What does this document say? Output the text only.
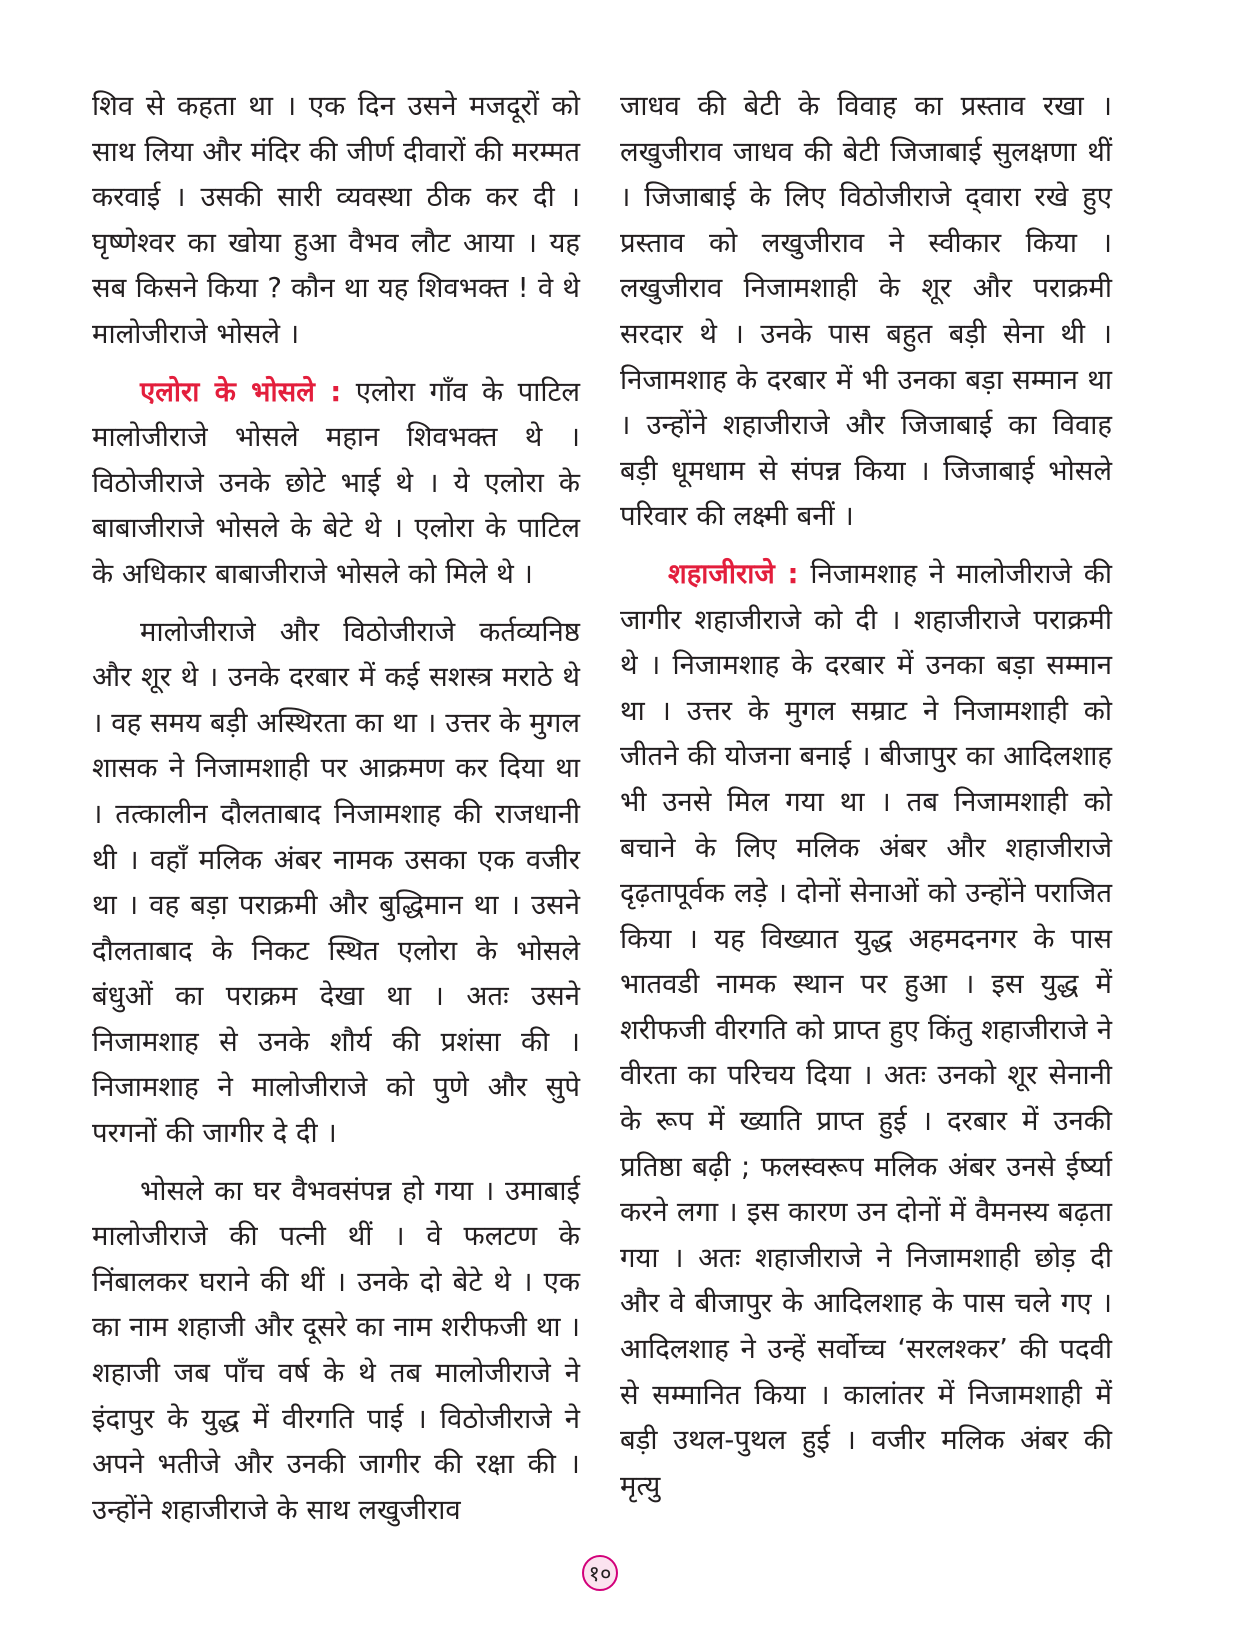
शिव से कहता था । एक दिन उसने मजदूरों को साथ लिया और मंदिर की जीर्ण दीवारों की मरम्मत करवाई । उसकी सारी व्यवस्था ठीक कर दी । घृष्णेश्वर का खोया हुआ वैभव लौट आया । यह सब किसने किया ? कौन था यह शिवभक्त ! वे थे मालोजीराजे भोसले ।

एलोरा के भोसले : एलोरा गाँव के पाटिल मालोजीराजे भोसले महान शिवभक्त थे । विठोजीराजे उनके छोटे भाई थे । ये एलोरा के बाबाजीराजे भोसले के बेटे थे । एलोरा के पाटिल के अधिकार बाबाजीराजे भोसले को मिले थे ।

मालोजीराजे और विठोजीराजे कर्तव्यनिष्ठ और शूर थे । उनके दरबार में कई सशस्त्र मराठे थे । वह समय बड़ी अस्थिरता का था । उत्तर के मुगल शासक ने निजामशाही पर आक्रमण कर दिया था । तत्कालीन दौलताबाद निजामशाह की राजधानी थी । वहाँ मलिक अंबर नामक उसका एक वजीर था । वह बड़ा पराक्रमी और बुद्धिमान था । उसने दौलताबाद के निकट स्थित एलोरा के भोसले बंधुओं का पराक्रम देखा था । अतः उसने निजामशाह से उनके शौर्य की प्रशंसा की । निजामशाह ने मालोजीराजे को पुणे और सुपे परगनों की जागीर दे दी ।

भोसले का घर वैभवसंपन्न हो गया । उमाबाई मालोजीराजे की पत्नी थीं । वे फलटण के निंबालकर घराने की थीं । उनके दो बेटे थे । एक का नाम शहाजी और दूसरे का नाम शरीफजी था । शहाजी जब पाँच वर्ष के थे तब मालोजीराजे ने इंदापुर के युद्ध में वीरगति पाई । विठोजीराजे ने अपने भतीजे और उनकी जागीर की रक्षा की । उन्होंने शहाजीराजे के साथ लखुजीराव

जाधव की बेटी के विवाह का प्रस्ताव रखा । लखुजीराव जाधव की बेटी जिजाबाई सुलक्षणा थीं । जिजाबाई के लिए विठोजीराजे द्‌वारा रखे हुए प्रस्ताव को लखुजीराव ने स्वीकार किया । लखुजीराव निजामशाही के शूर और पराक्रमी सरदार थे । उनके पास बहुत बड़ी सेना थी । निजामशाह के दरबार में भी उनका बड़ा सम्मान था । उन्होंने शहाजीराजे और जिजाबाई का विवाह बड़ी धूमधाम से संपन्न किया । जिजाबाई भोसले परिवार की लक्ष्मी बनीं ।

शहाजीराजे : निजामशाह ने मालोजीराजे की जागीर शहाजीराजे को दी । शहाजीराजे पराक्रमी थे । निजामशाह के दरबार में उनका बड़ा सम्मान था । उत्तर के मुगल सम्राट ने निजामशाही को जीतने की योजना बनाई । बीजापुर का आदिलशाह भी उनसे मिल गया था । तब निजामशाही को बचाने के लिए मलिक अंबर और शहाजीराजे दृढ़तापूर्वक लड़े । दोनों सेनाओं को उन्होंने पराजित किया । यह विख्यात युद्ध अहमदनगर के पास भातवडी नामक स्थान पर हुआ । इस युद्ध में शरीफजी वीरगति को प्राप्त हुए किंतु शहाजीराजे ने वीरता का परिचय दिया । अतः उनको शूर सेनानी के रूप में ख्याति प्राप्त हुई । दरबार में उनकी प्रतिष्ठा बढ़ी ; फलस्वरूप मलिक अंबर उनसे ईर्ष्या करने लगा । इस कारण उन दोनों में वैमनस्य बढ़ता गया । अतः शहाजीराजे ने निजामशाही छोड़ दी और वे बीजापुर के आदिलशाह के पास चले गए । आदिलशाह ने उन्हें सर्वोच्च ‘सरलश्कर’ की पदवी से सम्मानित किया । कालांतर में निजामशाही में बड़ी उथल-पुथल हुई । वजीर मलिक अंबर की मृत्यु

१०
